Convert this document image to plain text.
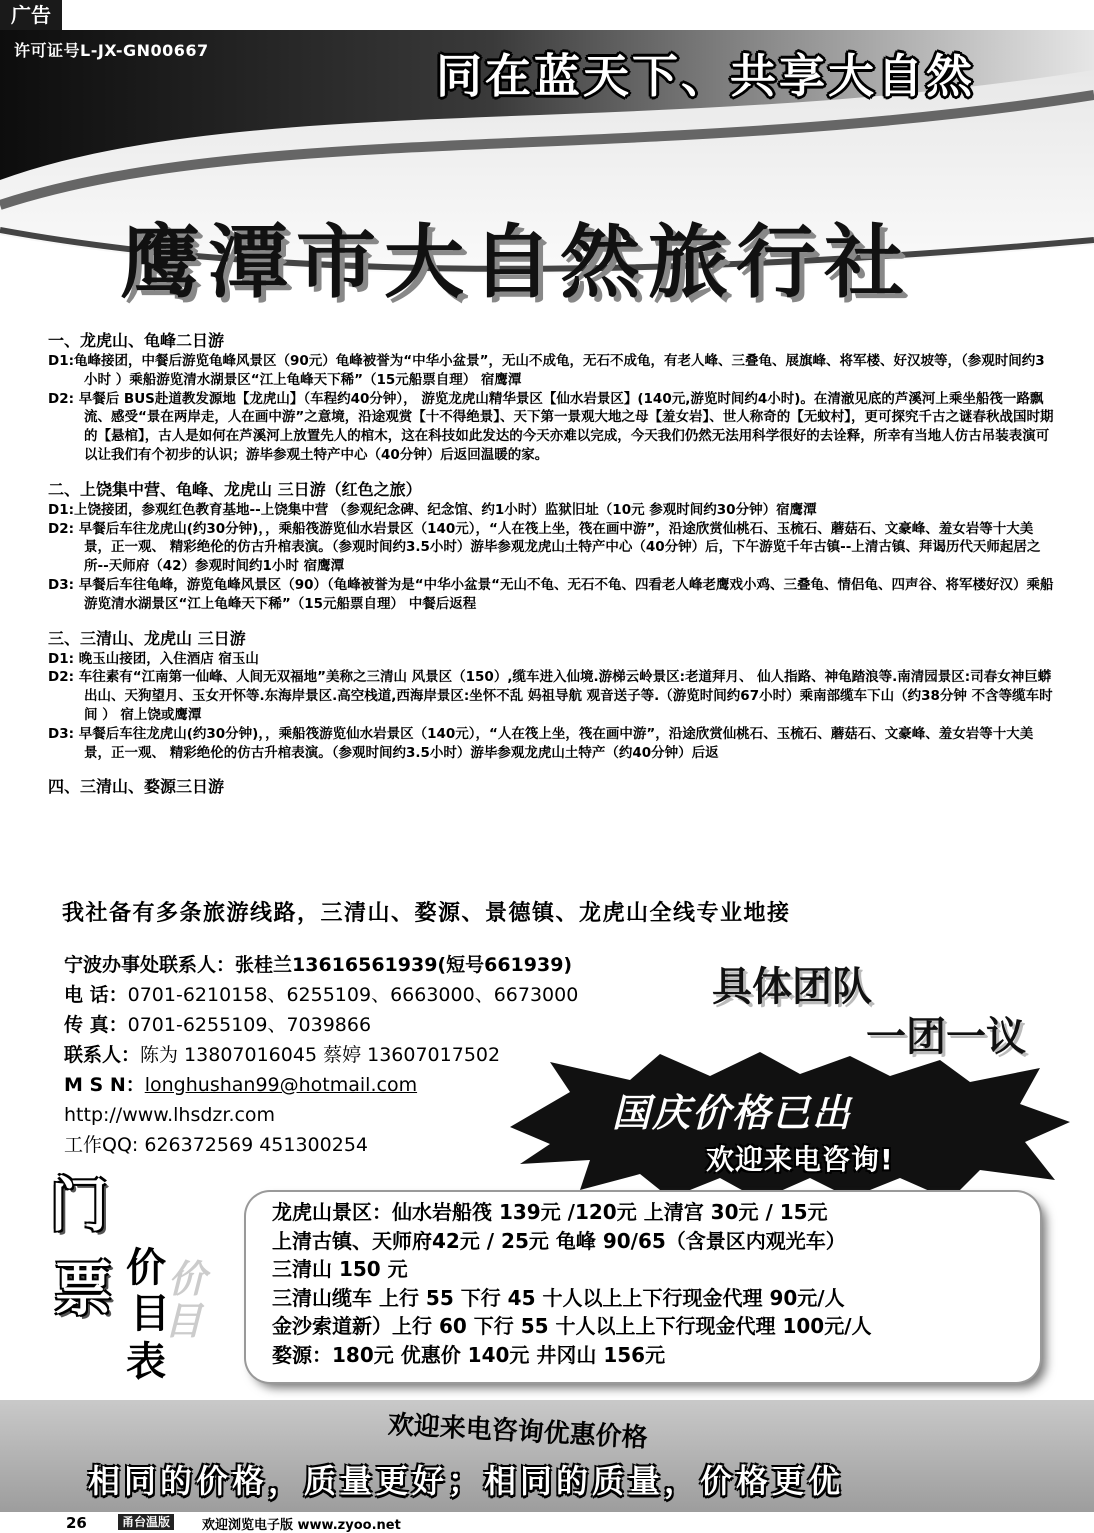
广告
许可证号L-JX-GN00667	同在蓝天下、共享大自然
鹰潭市大自然旅行社

一、龙虎山、龟峰二日游

D1:龟峰接团，中餐后游览龟峰风景区（90元）龟峰被誉为“中华小盆景”，无山不成龟，无石不成龟，有老人峰、三叠龟、展旗峰、将军楼、好汉坡等，（参观时间约3小时 ）乘船游览清水湖景区“江上龟峰天下稀”（15元船票自理） 宿鹰潭

D2: 早餐后 BUS赴道教发源地【龙虎山】（车程约40分钟）， 游览龙虎山精华景区【仙水岩景区】(140元,游览时间约4小时)。在清澈见底的芦溪河上乘坐船筏一路飘流、感受“景在两岸走，人在画中游”之意境，沿途观赏【十不得绝景】、天下第一景观大地之母【羞女岩】、世人称奇的【无蚊村】，更可探究千古之谜春秋战国时期的【悬棺】，古人是如何在芦溪河上放置先人的棺木，这在科技如此发达的今天亦难以完成，今天我们仍然无法用科学很好的去诠释，所幸有当地人仿古吊装表演可以让我们有个初步的认识；游毕参观土特产中心（40分钟）后返回温暖的家。

二、上饶集中营、龟峰、龙虎山 三日游（红色之旅）

D1:上饶接团，参观红色教育基地--上饶集中营 （参观纪念碑、纪念馆、约1小时）监狱旧址（10元 参观时间约30分钟）宿鹰潭

D2: 早餐后车往龙虎山(约30分钟)，，乘船筏游览仙水岩景区（140元），“人在筏上坐，筏在画中游”，沿途欣赏仙桃石、玉梳石、蘑菇石、文豪峰、羞女岩等十大美景，正一观、 精彩绝伦的仿古升棺表演。（参观时间约3.5小时）游毕参观龙虎山土特产中心（40分钟）后，下午游览千年古镇--上清古镇、拜谒历代天师起居之所--天师府（42）参观时间约1小时 宿鹰潭

D3: 早餐后车往龟峰，游览龟峰风景区（90）（龟峰被誉为是“中华小盆景“无山不龟、无石不龟、四看老人峰老鹰戏小鸡、三叠龟、情侣龟、四声谷、将军楼好汉）乘船游览清水湖景区“江上龟峰天下稀”（15元船票自理） 中餐后返程

三、三清山、龙虎山 三日游

D1: 晚玉山接团，入住酒店 宿玉山

D2: 车往素有“江南第一仙峰、人间无双福地”美称之三清山 风景区（150）,缆车进入仙境.游梯云岭景区:老道拜月、 仙人指路、神龟踏浪等.南清园景区:司春女神巨蟒出山、天狗望月、玉女开怀等.东海岸景区.高空栈道,西海岸景区:坐怀不乱 妈祖导航 观音送子等.（游览时间约67小时）乘南部缆车下山（约38分钟 不含等缆车时间 ） 宿上饶或鹰潭

D3: 早餐后车往龙虎山(约30分钟)，，乘船筏游览仙水岩景区（140元），“人在筏上坐，筏在画中游”，沿途欣赏仙桃石、玉梳石、蘑菇石、文豪峰、羞女岩等十大美景，正一观、 精彩绝伦的仿古升棺表演。（参观时间约3.5小时）游毕参观龙虎山土特产（约40分钟）后返

四、三清山、婺源三日游

我社备有多条旅游线路，三清山、婺源、景德镇、龙虎山全线专业地接
宁波办事处联系人：张桂兰13616561939(短号661939)
电 话：0701-6210158、6255109、6663000、6673000
传 真：0701-6255109、7039866
联系人：陈为 13807016045 蔡婷 13607017502
M S N：longhushan99@hotmail.com
http://www.lhsdzr.com
工作QQ: 626372569 451300254
具体团队
一团一议
国庆价格已出
欢迎来电咨询!
门
票 价
目
价
目
表
龙虎山景区：仙水岩船筏 139元 /120元 上清宫 30元 / 15元
上清古镇、天师府42元 / 25元 龟峰 90/65（含景区内观光车）
三清山 150 元
三清山缆车 上行 55 下行 45 十人以上上下行现金代理 90元/人
金沙索道新）上行 60 下行 55 十人以上上下行现金代理 100元/人
婺源：180元 优惠价 140元 井冈山 156元
欢迎来电咨询优惠价格
相同的价格，质量更好；相同的质量，价格更优
26	甬台温版	欢迎浏览电子版 www.zyoo.net
